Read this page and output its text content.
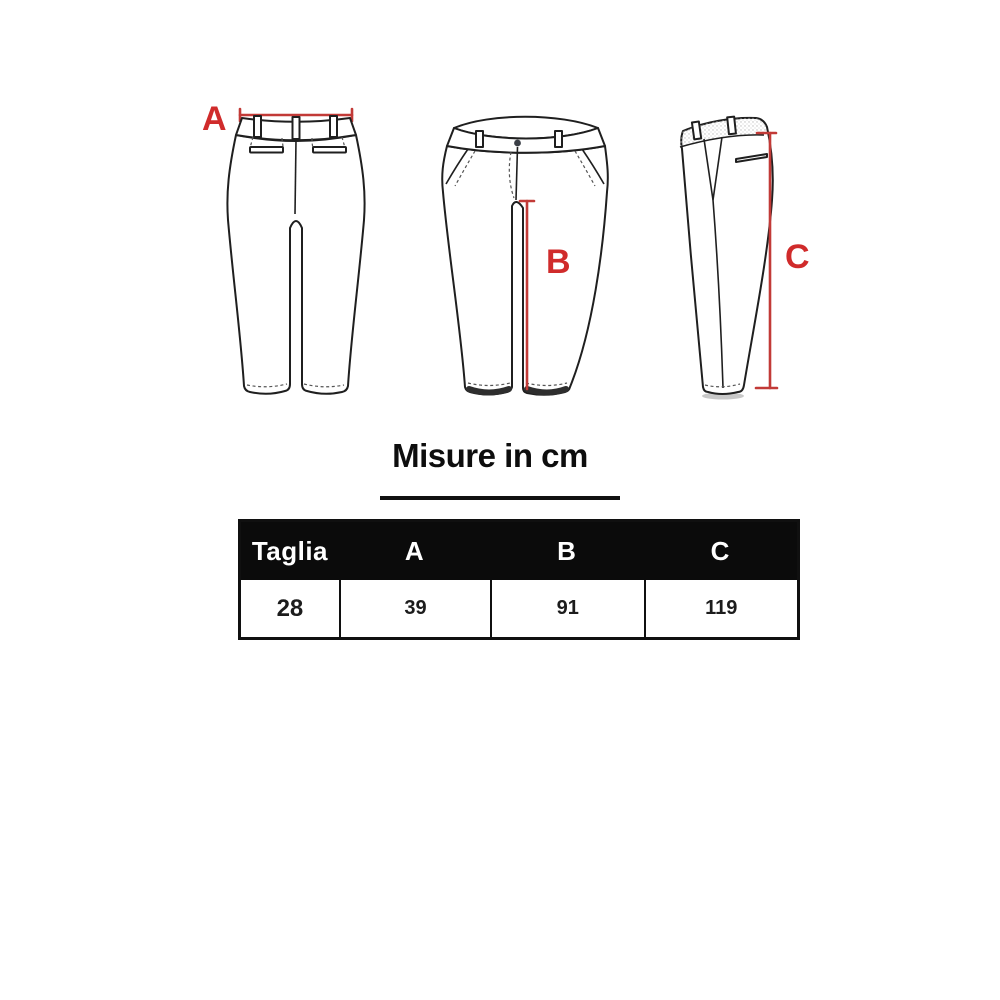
A
B	C
Misure in cm
Taglia	A	B	C
28	39	91	119
